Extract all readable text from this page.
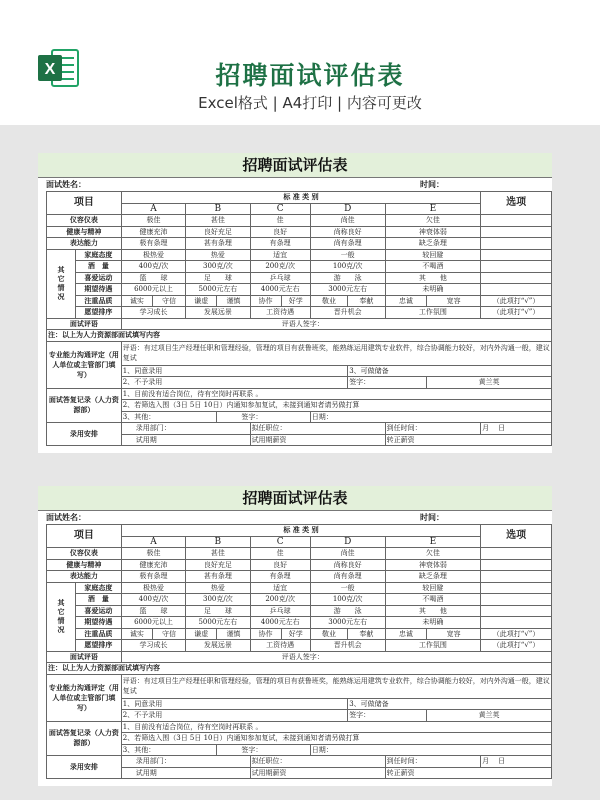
X	招聘面试评估表
Excel格式 | A4打印 | 内容可更改
招聘面试评估表
面试姓名：	时间：
项目		标 准 类 别										选项
		A		B		C		D		E		
仪容仪表		极佳		甚佳		佳		尚佳		欠佳		
健康与精神		健康充沛		良好充足		良好		尚称良好		神衰体弱		
表达能力		极有条理		甚有条理		有条理		尚有条理		缺乏条理		
其 它 情 况	家庭态度	极热爱		热爱		适宜		一般		较回避		
	酒　量	400克/次		300克/次		200克/次		100克/次		不喝酒		
	喜爱运动	篮　　球		足　　球		乒乓球		游　　泳		其　　他		
	期望待遇	6000元以上		5000元左右		4000元左右		3000元左右		未明确		
	注重品质	诚实	守信	谦虚	谨慎	协作	好学	敬业	奉献	忠诚	宽容	（此项打“√”）
	愿望排序	学习成长		发展远景		工资待遇		晋升机会		工作氛围		（此项打“√”）
面试评语		评语人签字：										
注：以上为人力资源部面试填写内容												
专业能力沟通评定（用人单位或主管部门填写）		评语：有过项目生产经理任职和管理经验，管理的项目有获鲁班奖，能熟练运用建筑专业软件，综合协调能力较好，对内外沟通一般，建议复试										
		1、同意录用							3、可做储备			
		2、不予录用							签字：		黄兰英	
面试答复记录（人力资源部）		1、目前没有适合岗位，待有空岗时再联系 。										
		2、若筛选入围（3日 5日 10日）内通知参加复试，未接到通知者请另做打算										
		3、其他：			签字：			日期：				
录用安排		录用部门：				拟任职位：				到任时间：		月 日
		试用期				试用期薪资				转正薪资		
招聘面试评估表
面试姓名：	时间：
项目		标 准 类 别										选项
		A		B		C		D		E		
仪容仪表		极佳		甚佳		佳		尚佳		欠佳		
健康与精神		健康充沛		良好充足		良好		尚称良好		神衰体弱		
表达能力		极有条理		甚有条理		有条理		尚有条理		缺乏条理		
其 它 情 况	家庭态度	极热爱		热爱		适宜		一般		较回避		
	酒　量	400克/次		300克/次		200克/次		100克/次		不喝酒		
	喜爱运动	篮　　球		足　　球		乒乓球		游　　泳		其　　他		
	期望待遇	6000元以上		5000元左右		4000元左右		3000元左右		未明确		
	注重品质	诚实	守信	谦虚	谨慎	协作	好学	敬业	奉献	忠诚	宽容	（此项打“√”）
	愿望排序	学习成长		发展远景		工资待遇		晋升机会		工作氛围		（此项打“√”）
面试评语		评语人签字：										
注：以上为人力资源部面试填写内容												
专业能力沟通评定（用人单位或主管部门填写）		评语：有过项目生产经理任职和管理经验，管理的项目有获鲁班奖，能熟练运用建筑专业软件，综合协调能力较好，对内外沟通一般，建议复试										
		1、同意录用							3、可做储备			
		2、不予录用							签字：		黄兰英	
面试答复记录（人力资源部）		1、目前没有适合岗位，待有空岗时再联系 。										
		2、若筛选入围（3日 5日 10日）内通知参加复试，未接到通知者请另做打算										
		3、其他：			签字：			日期：				
录用安排		录用部门：				拟任职位：				到任时间：		月 日
		试用期				试用期薪资				转正薪资		
